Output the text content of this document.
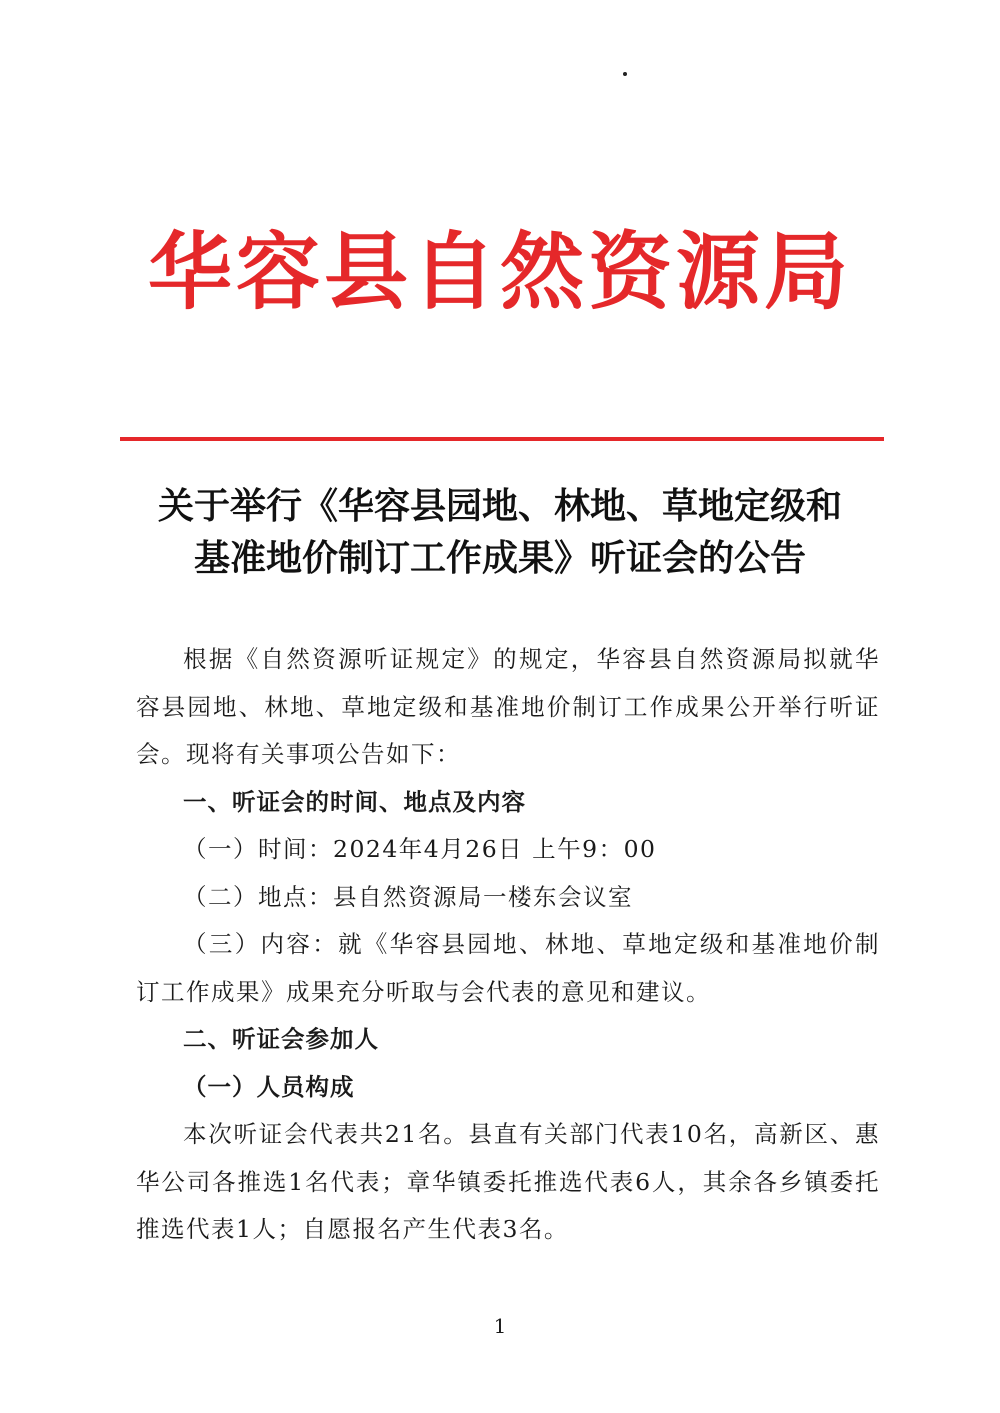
华容县自然资源局
关于举行《华容县园地、林地、草地定级和
基准地价制订工作成果》听证会的公告

根据《自然资源听证规定》的规定，华容县自然资源局拟就华容县园地、林地、草地定级和基准地价制订工作成果公开举行听证会。现将有关事项公告如下：

一、听证会的时间、地点及内容

（一）时间：2024年4月26日 上午9：00

（二）地点：县自然资源局一楼东会议室

（三）内容：就《华容县园地、林地、草地定级和基准地价制订工作成果》成果充分听取与会代表的意见和建议。

二、听证会参加人

（一）人员构成

本次听证会代表共21名。县直有关部门代表10名，高新区、惠华公司各推选1名代表；章华镇委托推选代表6人，其余各乡镇委托推选代表1人；自愿报名产生代表3名。

1
